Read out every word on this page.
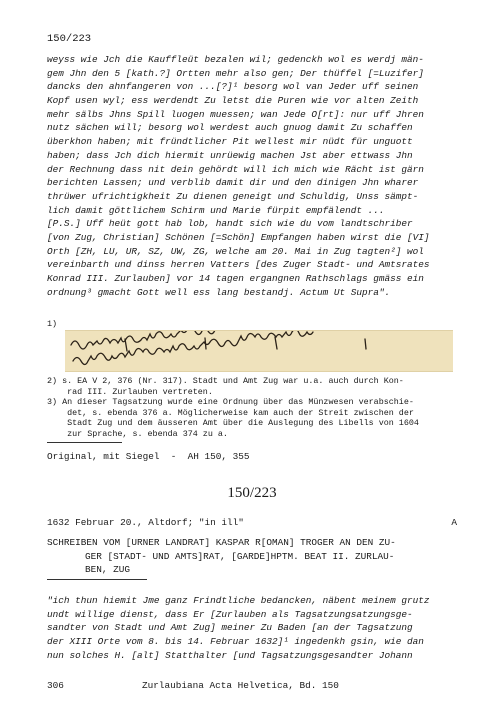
150/223
weyss wie Jch die Kauffleüt bezalen wil; gedenckh wol es werdj män-
gem Jhn den 5 [kath.?] Ortten mehr also gen; Der thüffel [=Luzifer]
dancks den ahnfangeren von ...[?]¹ besorg wol van Jeder uff seinen
Kopf usen wyl; ess werdendt Zu letst die Puren wie vor alten Zeith
mehr sälbs Jhns Spill luogen muessen; wan Jede O[rt]: nur uff Jhren
nutz sächen will; besorg wol werdest auch gnuog damit Zu schaffen
überkhon haben; mit fründtlicher Pit wellest mir nüdt für unguott
haben; dass Jch dich hiermit unrüewig machen Jst aber ettwass Jhn
der Rechnung dass nit dein gehördt will ich mich wie Rächt ist gärn
berichten Lassen; und verblib damit dir und den dinigen Jhn wharer
thrüwer ufrichtigkheit Zu dienen geneigt und Schuldig, Unss sämpt-
lich damit göttlichem Schirm und Marie fürpit empfälendt ...
[P.S.] Uff heüt gott hab lob, handt sich wie du vom landtschriber
[von Zug, Christian] Schönen [=Schön] Empfangen haben wirst die [VI]
Orth [ZH, LU, UR, SZ, UW, ZG, welche am 20. Mai in Zug tagten²] wol
vereinbarth und dinss herren Vatters [des Zuger Stadt- und Amtsrates
Konrad III. Zurlauben] vor 14 tagen ergangnen Rathschlags gmäss ein
ordnung³ gmacht Gott well ess lang bestandj. Actum Ut Supra".
1)
2) s. EA V 2, 376 (Nr. 317). Stadt und Amt Zug war u.a. auch durch Kon-
rad III. Zurlauben vertreten.
3) An dieser Tagsatzung wurde eine Ordnung über das Münzwesen verabschie-
det, s. ebenda 376 a. Möglicherweise kam auch der Streit zwischen der
Stadt Zug und dem äusseren Amt über die Auslegung des Libells von 1604
zur Sprache, s. ebenda 374 zu a.
Original, mit Siegel  -  AH 150, 355
150/223
1632 Februar 20., Altdorf; "in ill"	A
SCHREIBEN VOM [URNER LANDRAT] KASPAR R[OMAN] TROGER AN DEN ZU-
GER [STADT- UND AMTS]RAT, [GARDE]HPTM. BEAT II. ZURLAU-
BEN, ZUG
"ich thun hiemit Jme ganz Frindtliche bedancken, näbent meinem grutz
undt willige dienst, dass Er [Zurlauben als Tagsatzungsatzungsge-
sandter von Stadt und Amt Zug] meiner Zu Baden [an der Tagsatzung
der XIII Orte vom 8. bis 14. Februar 1632]¹ ingedenkh gsin, wie dan
nun solches H. [alt] Statthalter [und Tagsatzungsgesandter Johann
306	Zurlaubiana Acta Helvetica, Bd. 150
